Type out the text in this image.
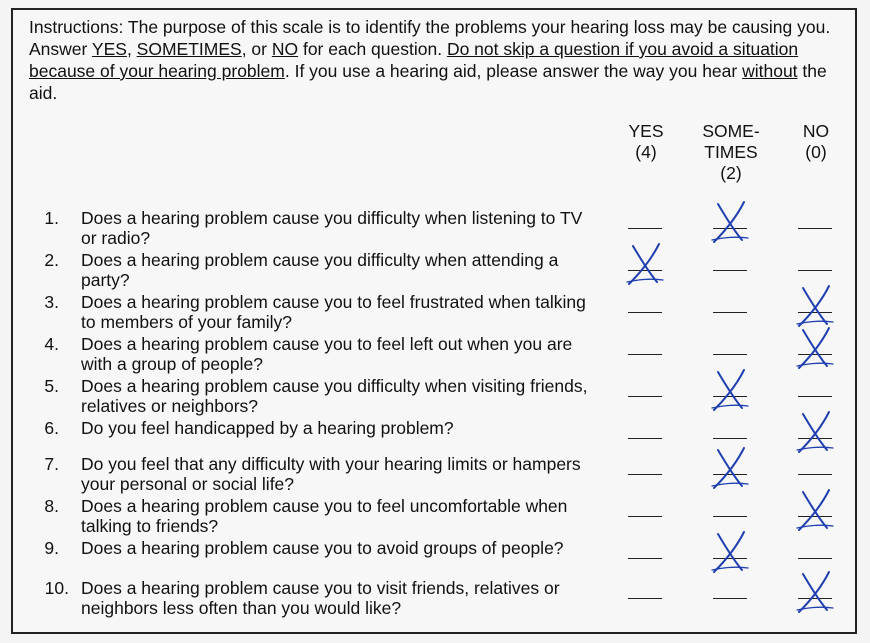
Instructions: The purpose of this scale is to identify the problems your hearing loss may be causing you. Answer YES, SOMETIMES, or NO for each question. Do not skip a question if you avoid a situation because of your hearing problem. If you use a hearing aid, please answer the way you hear without the aid.
YES
(4)
SOME-
TIMES
(2)
NO
(0)
1. Does a hearing problem cause you difficulty when listening to TV or radio?
2. Does a hearing problem cause you difficulty when attending a party?
3. Does a hearing problem cause you to feel frustrated when talking to members of your family?
4. Does a hearing problem cause you to feel left out when you are with a group of people?
5. Does a hearing problem cause you difficulty when visiting friends, relatives or neighbors?
6. Do you feel handicapped by a hearing problem?
7. Do you feel that any difficulty with your hearing limits or hampers your personal or social life?
8. Does a hearing problem cause you to feel uncomfortable when talking to friends?
9. Does a hearing problem cause you to avoid groups of people?
10. Does a hearing problem cause you to visit friends, relatives or neighbors less often than you would like?
